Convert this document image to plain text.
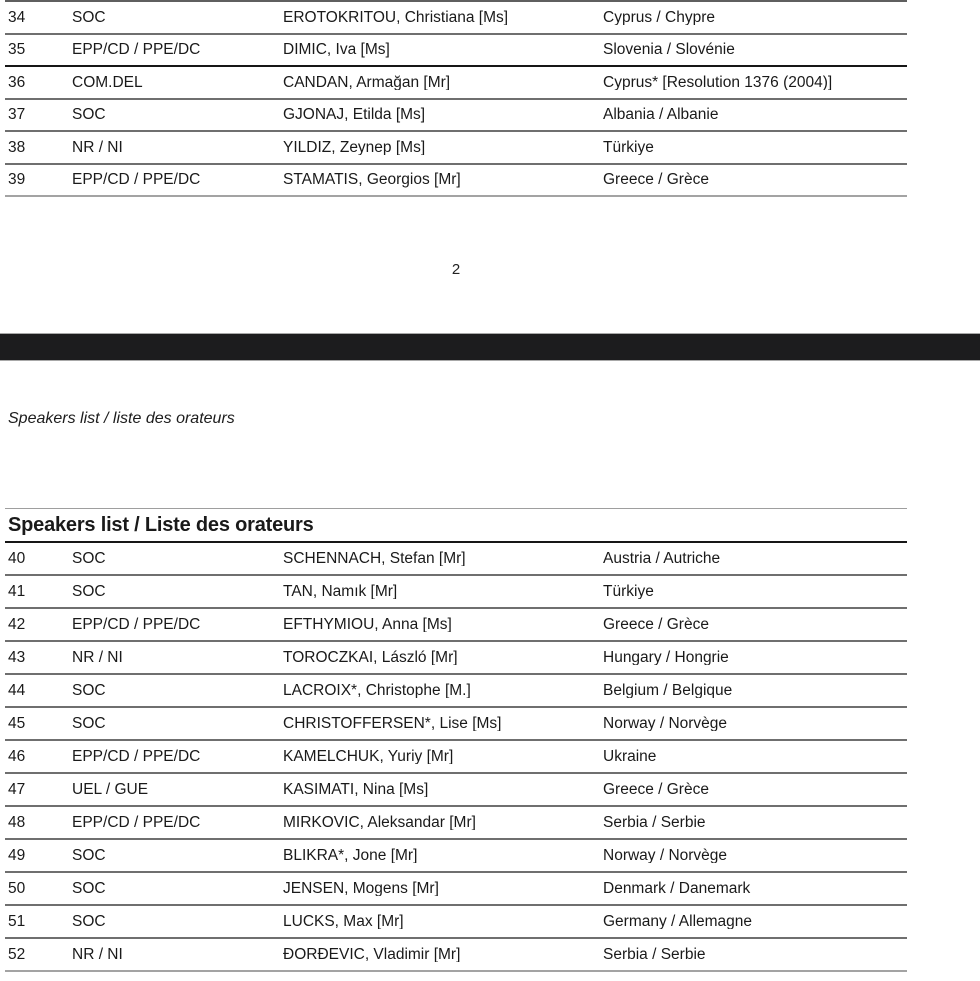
34	SOC	EROTOKRITOU, Christiana [Ms]	Cyprus / Chypre
35	EPP/CD / PPE/DC	DIMIC, Iva [Ms]	Slovenia / Slovénie
36	COM.DEL	CANDAN, Armağan [Mr]	Cyprus* [Resolution 1376 (2004)]
37	SOC	GJONAJ, Etilda [Ms]	Albania / Albanie
38	NR / NI	YILDIZ, Zeynep [Ms]	Türkiye
39	EPP/CD / PPE/DC	STAMATIS, Georgios [Mr]	Greece / Grèce
2
Speakers list / liste des orateurs
Speakers list / Liste des orateurs
40	SOC	SCHENNACH, Stefan [Mr]	Austria / Autriche
41	SOC	TAN, Namık [Mr]	Türkiye
42	EPP/CD / PPE/DC	EFTHYMIOU, Anna [Ms]	Greece / Grèce
43	NR / NI	TOROCZKAI, László [Mr]	Hungary / Hongrie
44	SOC	LACROIX*, Christophe [M.]	Belgium / Belgique
45	SOC	CHRISTOFFERSEN*, Lise [Ms]	Norway / Norvège
46	EPP/CD / PPE/DC	KAMELCHUK, Yuriy [Mr]	Ukraine
47	UEL / GUE	KASIMATI, Nina [Ms]	Greece / Grèce
48	EPP/CD / PPE/DC	MIRKOVIĆ, Aleksandar [Mr]	Serbia / Serbie
49	SOC	BLIKRA*, Jone [Mr]	Norway / Norvège
50	SOC	JENSEN, Mogens [Mr]	Denmark / Danemark
51	SOC	LUCKS, Max [Mr]	Germany / Allemagne
52	NR / NI	ĐORĐEVIĆ, Vladimir [Mr]	Serbia / Serbie
